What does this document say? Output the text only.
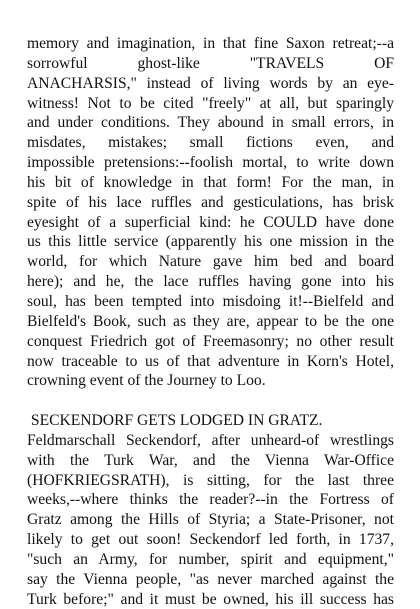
memory and imagination, in that fine Saxon retreat;--a
sorrowful ghost-like "TRAVELS OF
ANACHARSIS," instead of living words by an eye-
witness! Not to be cited "freely" at all, but sparingly
and under conditions. They abound in small errors, in
misdates, mistakes; small fictions even, and
impossible pretensions:--foolish mortal, to write down
his bit of knowledge in that form! For the man, in
spite of his lace ruffles and gesticulations, has brisk
eyesight of a superficial kind: he COULD have done
us this little service (apparently his one mission in the
world, for which Nature gave him bed and board
here); and he, the lace ruffles having gone into his
soul, has been tempted into misdoing it!--Bielfeld and
Bielfeld's Book, such as they are, appear to be the one
conquest Friedrich got of Freemasonry; no other result
now traceable to us of that adventure in Korn's Hotel,
crowning event of the Journey to Loo.
SECKENDORF GETS LODGED IN GRATZ.
Feldmarschall Seckendorf, after unheard-of wrestlings
with the Turk War, and the Vienna War-Office
(HOFKRIEGSRATH), is sitting, for the last three
weeks,--where thinks the reader?--in the Fortress of
Gratz among the Hills of Styria; a State-Prisoner, not
likely to get out soon! Seckendorf led forth, in 1737,
"such an Army, for number, spirit and equipment,"
say the Vienna people, "as never marched against the
Turk before;" and it must be owned, his ill success has
